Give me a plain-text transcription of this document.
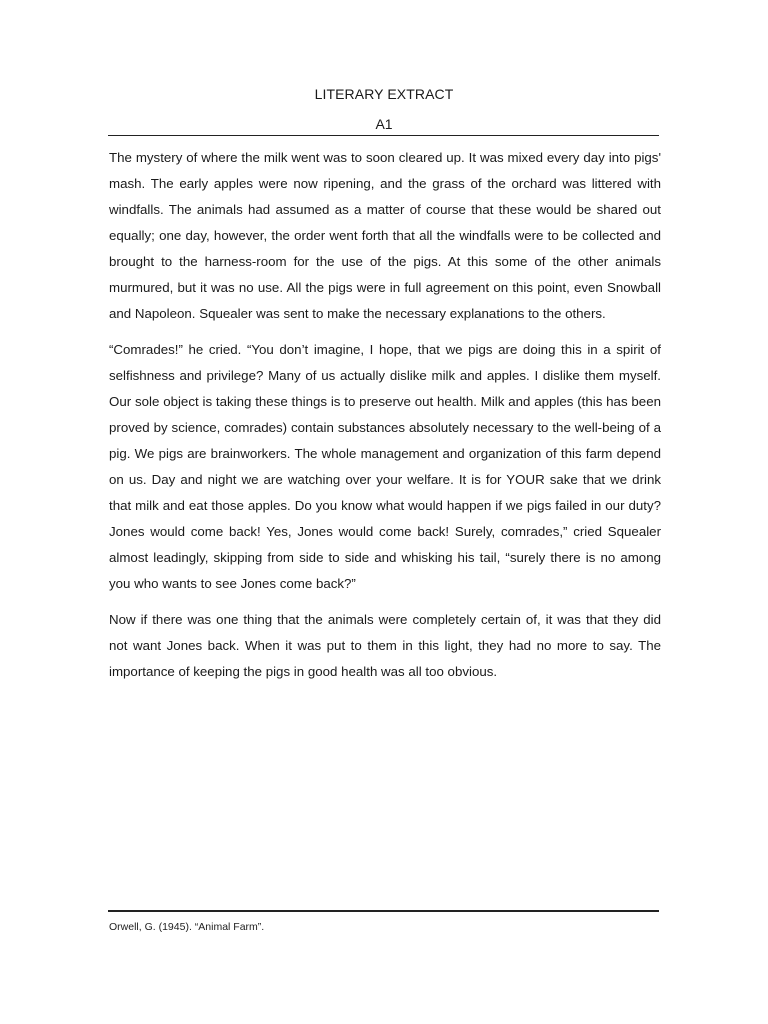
LITERARY EXTRACT
A1

The mystery of where the milk went was to soon cleared up. It was mixed every day into pigs' mash. The early apples were now ripening, and the grass of the orchard was littered with windfalls. The animals had assumed as a matter of course that these would be shared out equally; one day, however, the order went forth that all the windfalls were to be collected and brought to the harness-room for the use of the pigs. At this some of the other animals murmured, but it was no use. All the pigs were in full agreement on this point, even Snowball and Napoleon. Squealer was sent to make the necessary explanations to the others.

“Comrades!” he cried. “You don’t imagine, I hope, that we pigs are doing this in a spirit of selfishness and privilege? Many of us actually dislike milk and apples. I dislike them myself. Our sole object is taking these things is to preserve out health. Milk and apples (this has been proved by science, comrades) contain substances absolutely necessary to the well-being of a pig. We pigs are brainworkers. The whole management and organization of this farm depend on us. Day and night we are watching over your welfare. It is for YOUR sake that we drink that milk and eat those apples. Do you know what would happen if we pigs failed in our duty? Jones would come back! Yes, Jones would come back! Surely, comrades,” cried Squealer almost leadingly, skipping from side to side and whisking his tail, “surely there is no among you who wants to see Jones come back?”

Now if there was one thing that the animals were completely certain of, it was that they did not want Jones back. When it was put to them in this light, they had no more to say. The importance of keeping the pigs in good health was all too obvious.

Orwell, G. (1945). “Animal Farm”.
